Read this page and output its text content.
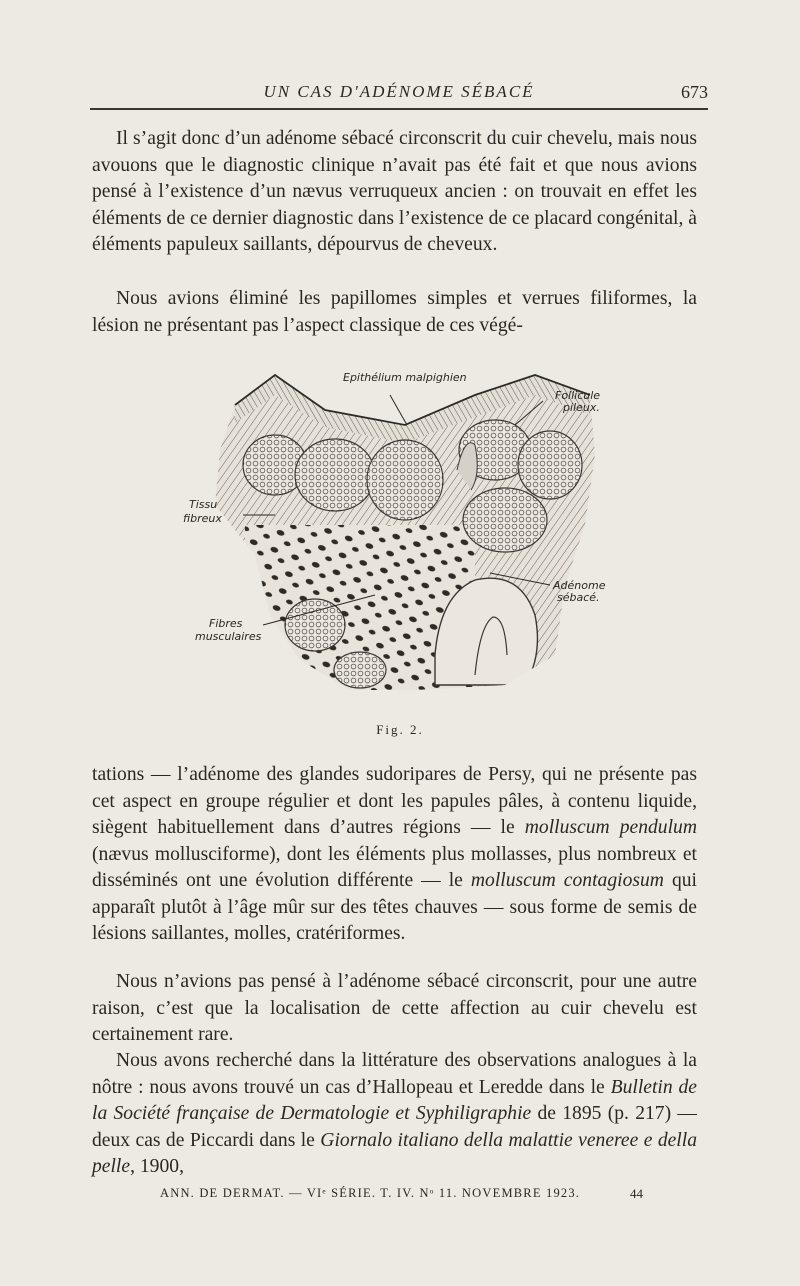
UN CAS D'ADÉNOME SÉBACÉ	673

Il s’agit donc d’un adénome sébacé circonscrit du cuir chevelu, mais nous avouons que le diagnostic clinique n’avait pas été fait et que nous avions pensé à l’existence d’un nævus verruqueux ancien : on trouvait en effet les éléments de ce dernier diagnostic dans l’existence de ce placard congénital, à éléments papuleux saillants, dépourvus de cheveux.

Nous avions éliminé les papillomes simples et verrues filiformes, la lésion ne présentant pas l’aspect classique de ces végé-

Epithélium malpighien
Follicule
pileux.
Tissu
fibreux
Adénome
sébacé.
Fibres
musculaires
Fig. 2.

tations — l’adénome des glandes sudoripares de Persy, qui ne présente pas cet aspect en groupe régulier et dont les papules pâles, à contenu liquide, siègent habituellement dans d’autres régions — le molluscum pendulum (nævus mollusciforme), dont les éléments plus mollasses, plus nombreux et disséminés ont une évolution différente — le molluscum contagiosum qui apparaît plutôt à l’âge mûr sur des têtes chauves — sous forme de semis de lésions saillantes, molles, cratériformes.

Nous n’avions pas pensé à l’adénome sébacé circonscrit, pour une autre raison, c’est que la localisation de cette affection au cuir chevelu est certainement rare.

Nous avons recherché dans la littérature des observations analogues à la nôtre : nous avons trouvé un cas d’Hallopeau et Leredde dans le Bulletin de la Société française de Dermatologie et Syphiligraphie de 1895 (p. 217) — deux cas de Piccardi dans le Giornalo italiano della malattie veneree e della pelle, 1900,

ANN. DE DERMAT. — VIᵉ SÉRIE. T. IV. Nᵒ 11. NOVEMBRE 1923.	44
